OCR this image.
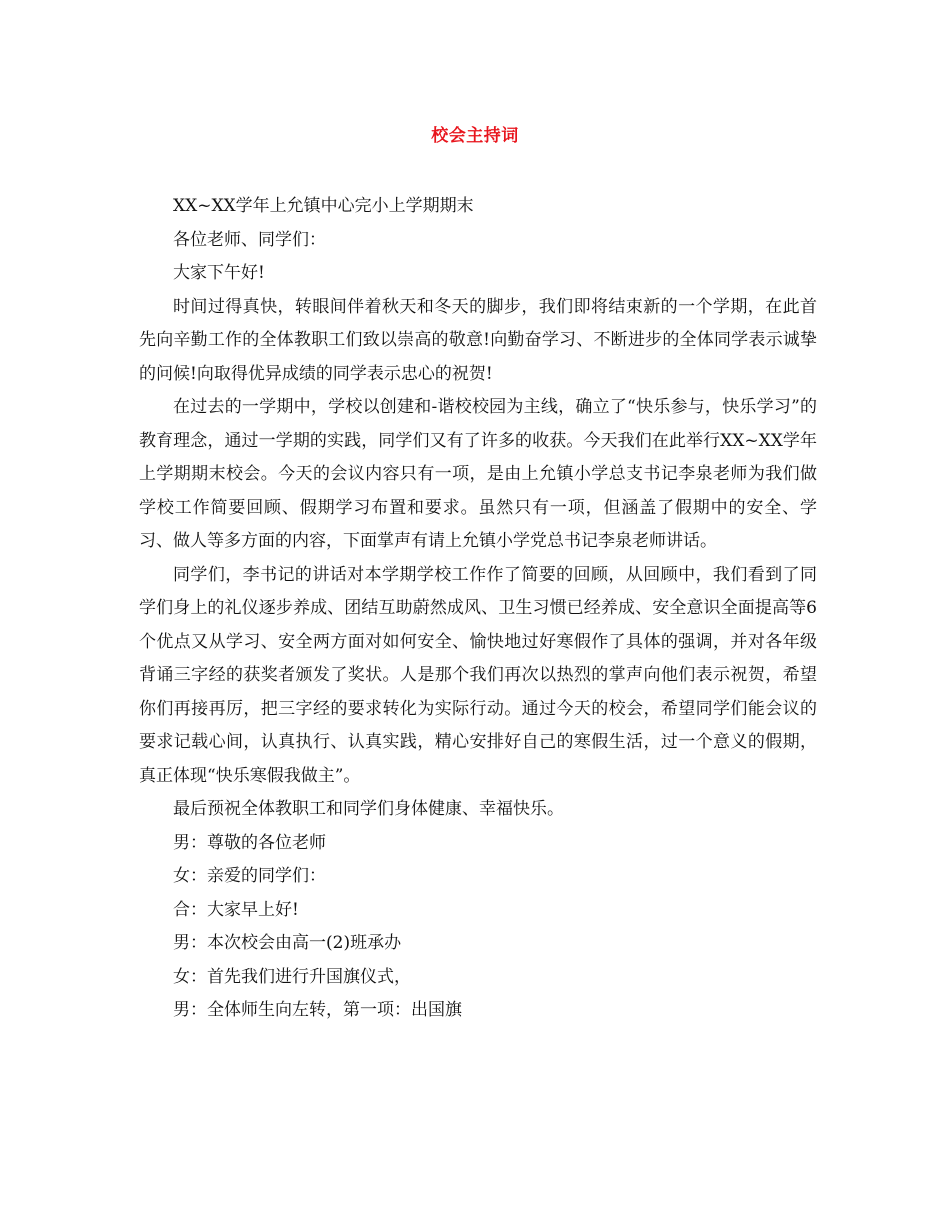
校会主持词

XX~XX学年上允镇中心完小上学期期末

各位老师、同学们：

大家下午好!

时间过得真快，转眼间伴着秋天和冬天的脚步，我们即将结束新的一个学期，在此首先向辛勤工作的全体教职工们致以崇高的敬意!向勤奋学习、不断进步的全体同学表示诚挚的问候!向取得优异成绩的同学表示忠心的祝贺!

在过去的一学期中，学校以创建和-谐校校园为主线，确立了“快乐参与，快乐学习”的教育理念，通过一学期的实践，同学们又有了许多的收获。今天我们在此举行XX~XX学年上学期期末校会。今天的会议内容只有一项，是由上允镇小学总支书记李泉老师为我们做学校工作简要回顾、假期学习布置和要求。虽然只有一项，但涵盖了假期中的安全、学习、做人等多方面的内容，下面掌声有请上允镇小学党总书记李泉老师讲话。

同学们，李书记的讲话对本学期学校工作作了简要的回顾，从回顾中，我们看到了同学们身上的礼仪逐步养成、团结互助蔚然成风、卫生习惯已经养成、安全意识全面提高等6个优点又从学习、安全两方面对如何安全、愉快地过好寒假作了具体的强调，并对各年级背诵三字经的获奖者颁发了奖状。人是那个我们再次以热烈的掌声向他们表示祝贺，希望你们再接再厉，把三字经的要求转化为实际行动。通过今天的校会，希望同学们能会议的要求记载心间，认真执行、认真实践，精心安排好自己的寒假生活，过一个意义的假期，真正体现“快乐寒假我做主”。

最后预祝全体教职工和同学们身体健康、幸福快乐。

男：尊敬的各位老师

女：亲爱的同学们：

合：大家早上好!

男：本次校会由高一(2)班承办

女：首先我们进行升国旗仪式，

男：全体师生向左转，第一项：出国旗
